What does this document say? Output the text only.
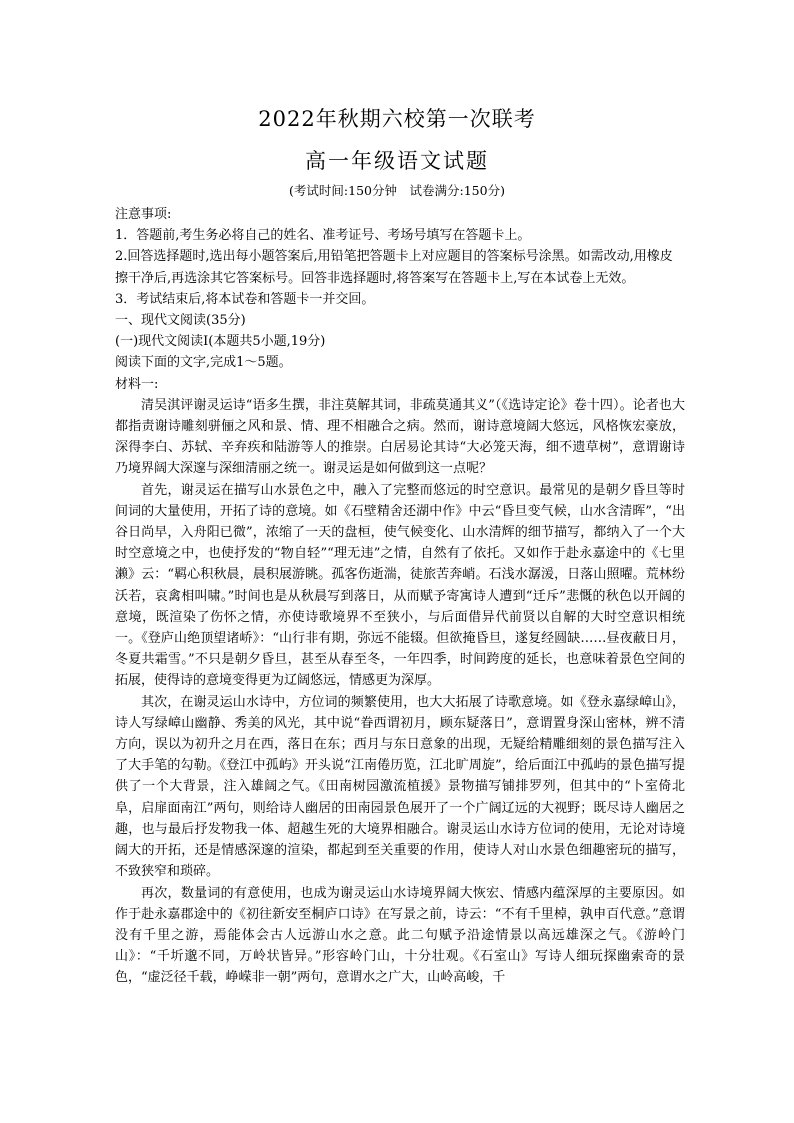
2022年秋期六校第一次联考
高一年级语文试题
(考试时间:150分钟　试卷满分:150分)

注意事项:

1．答题前,考生务必将自己的姓名、准考证号、考场号填写在答题卡上。

2.回答选择题时,选出每小题答案后,用铅笔把答题卡上对应题目的答案标号涂黑。如需改动,用橡皮擦干净后,再选涂其它答案标号。回答非选择题时,将答案写在答题卡上,写在本试卷上无效。

3．考试结束后,将本试卷和答题卡一并交回。

一、现代文阅读(35分)

(一)现代文阅读Ⅰ(本题共5小题,19分)

阅读下面的文字,完成1～5题。

材料一:

清吴淇评谢灵运诗“语多生撰，非注莫解其词，非疏莫通其义”（《选诗定论》卷十四）。论者也大都指责谢诗雕刻骈俪之风和景、情、理不相融合之病。然而，谢诗意境阔大悠远，风格恢宏豪放，深得李白、苏轼、辛弃疾和陆游等人的推崇。白居易论其诗“大必笼天海，细不遗草树”，意谓谢诗乃境界阔大深邃与深细清丽之统一。谢灵运是如何做到这一点呢？

首先，谢灵运在描写山水景色之中，融入了完整而悠远的时空意识。最常见的是朝夕昏旦等时间词的大量使用，开拓了诗的意境。如《石壁精舍还湖中作》中云“昏旦变气候，山水含清晖”，“出谷日尚早，入舟阳已微”，浓缩了一天的盘桓，使气候变化、山水清辉的细节描写，都纳入了一个大时空意境之中，也使抒发的“物自轻”“理无违”之情，自然有了依托。又如作于赴永嘉途中的《七里濑》云：“羁心积秋晨，晨积展游眺。孤客伤逝湍，徒旅苦奔峭。石浅水潺湲，日落山照曜。荒林纷沃若，哀禽相叫啸。”时间也是从秋晨写到落日，从而赋予寄寓诗人遭到“迁斥”悲慨的秋色以开阔的意境，既渲染了伤怀之情，亦使诗歌境界不至狭小，与后面借异代前贤以自解的大时空意识相统一。《登庐山绝顶望诸峤》：“山行非有期，弥远不能辍。但欲掩昏旦，遂复经圆缺……昼夜蔽日月，冬夏共霜雪。”不只是朝夕昏旦，甚至从春至冬，一年四季，时间跨度的延长，也意味着景色空间的拓展，使得诗的意境变得更为辽阔悠远，情感更为深厚。

其次，在谢灵运山水诗中，方位词的频繁使用，也大大拓展了诗歌意境。如《登永嘉绿嶂山》，诗人写绿嶂山幽静、秀美的风光，其中说“眷西谓初月，顾东疑落日”，意谓置身深山密林，辨不清方向，误以为初升之月在西，落日在东；西月与东日意象的出现，无疑给精雕细刻的景色描写注入了大手笔的勾勒。《登江中孤屿》开头说“江南倦历览，江北旷周旋”，给后面江中孤屿的景色描写提供了一个大背景，注入雄阔之气。《田南树园激流植援》景物描写铺排罗列，但其中的“卜室倚北阜，启扉面南江”两句，则给诗人幽居的田南园景色展开了一个广阔辽远的大视野；既尽诗人幽居之趣，也与最后抒发物我一体、超越生死的大境界相融合。谢灵运山水诗方位词的使用，无论对诗境阔大的开拓，还是情感深邃的渲染，都起到至关重要的作用，使诗人对山水景色细趣密玩的描写，不致狭窄和琐碎。

再次，数量词的有意使用，也成为谢灵运山水诗境界阔大恢宏、情感内蕴深厚的主要原因。如作于赴永嘉郡途中的《初往新安至桐庐口诗》在写景之前，诗云：“不有千里棹，孰申百代意。”意谓没有千里之游，焉能体会古人远游山水之意。此二句赋予沿途情景以高远雄深之气。《游岭门山》：“千圻邈不同，万岭状皆异。”形容岭门山，十分壮观。《石室山》写诗人细玩探幽索奇的景色，“虚泛径千载，峥嵘非一朝”两句，意谓水之广大，山岭高峻，千
